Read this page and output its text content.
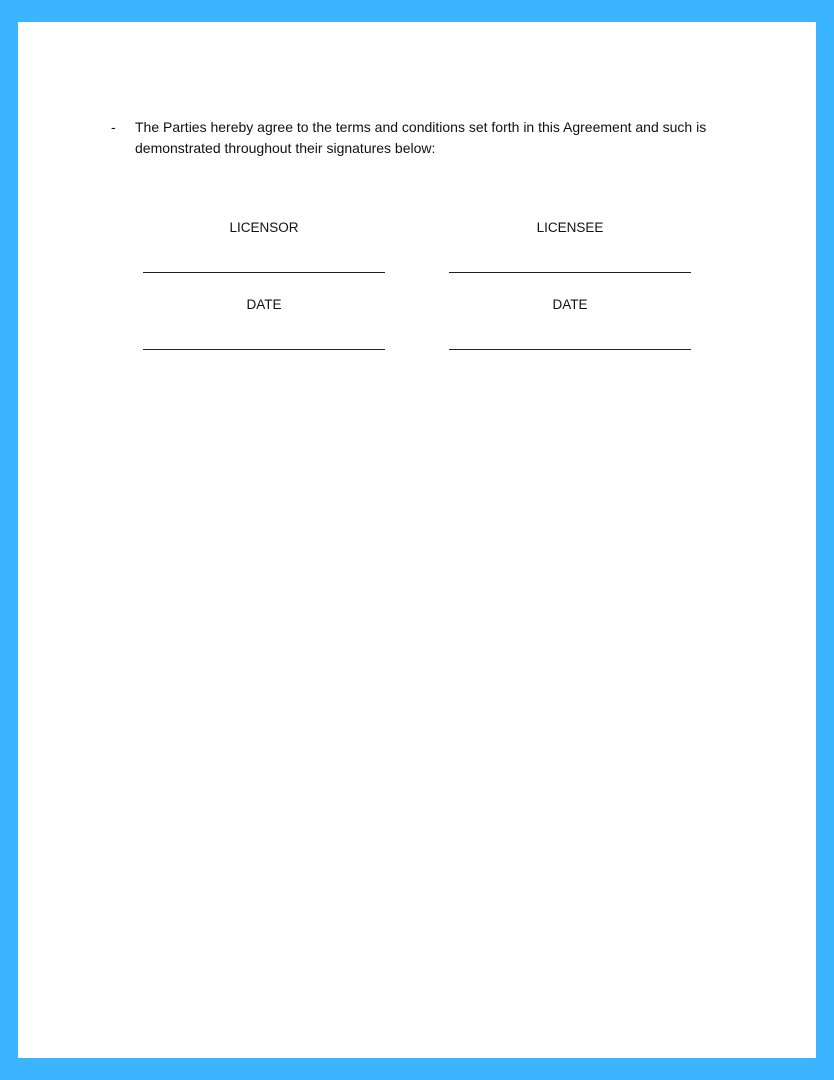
- The Parties hereby agree to the terms and conditions set forth in this Agreement and such is demonstrated throughout their signatures below:
LICENSOR
DATE
LICENSEE
DATE
